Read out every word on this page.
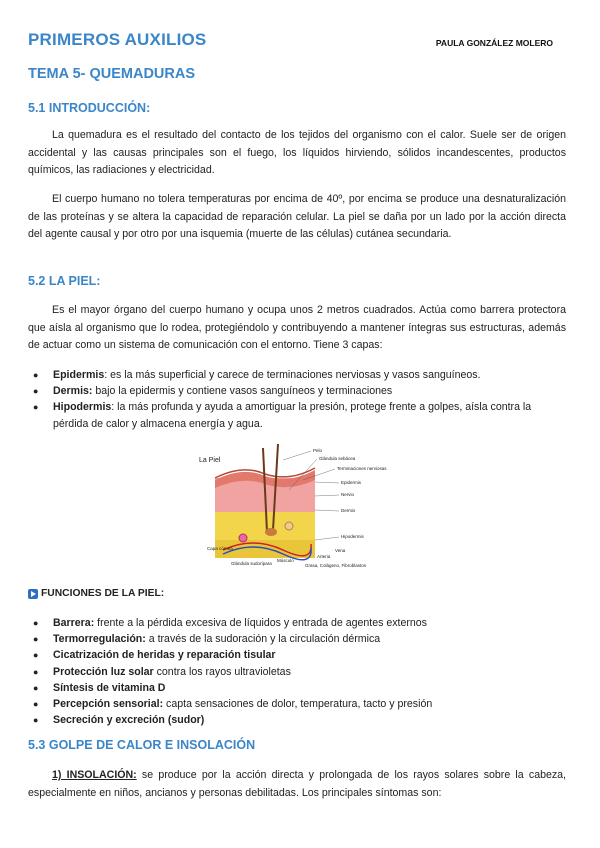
PRIMEROS AUXILIOS	PAULA GONZÁLEZ MOLERO
TEMA 5- QUEMADURAS
5.1 INTRODUCCIÓN:
La quemadura es el resultado del contacto de los tejidos del organismo con el calor. Suele ser de origen accidental y las causas principales son el fuego, los líquidos hirviendo, sólidos incandescentes, productos químicos, las radiaciones y electricidad.
El cuerpo humano no tolera temperaturas por encima de 40º, por encima se produce una desnaturalización de las proteínas y se altera la capacidad de reparación celular. La piel se daña por un lado por la acción directa del agente causal y por otro por una isquemia (muerte de las células) cutánea secundaria.
5.2 LA PIEL:
Es el mayor órgano del cuerpo humano y ocupa unos 2 metros cuadrados. Actúa como barrera protectora que aísla al organismo que lo rodea, protegiéndolo y contribuyendo a mantener íntegras sus estructuras, además de actuar como un sistema de comunicación con el entorno. Tiene 3 capas:
● Epidermis: es la más superficial y carece de terminaciones nerviosas y vasos sanguíneos.
● Dermis: bajo la epidermis y contiene vasos sanguíneos y terminaciones
● Hipodermis: la más profunda y ayuda a amortiguar la presión, protege frente a golpes, aísla contra la pérdida de calor y almacena energía y agua.
La Piel
Pelo
Glándula sebácea
Terminaciones nerviosas
Epidermis
Nervio
Dermis
Hipodermis
Vena
Arteria
Músculo
Glándula sudorípara	Grasa, Colágeno, Fibroblastos
Capa córnea
FUNCIONES DE LA PIEL:
● Barrera: frente a la pérdida excesiva de líquidos y entrada de agentes externos
● Termorregulación: a través de la sudoración y la circulación dérmica
● Cicatrización de heridas y reparación tisular
● Protección luz solar contra los rayos ultravioletas
● Síntesis de vitamina D
● Percepción sensorial: capta sensaciones de dolor, temperatura, tacto y presión
● Secreción y excreción (sudor)
5.3 GOLPE DE CALOR E INSOLACIÓN
1) INSOLACIÓN: se produce por la acción directa y prolongada de los rayos solares sobre la cabeza, especialmente en niños, ancianos y personas debilitadas. Los principales síntomas son:
